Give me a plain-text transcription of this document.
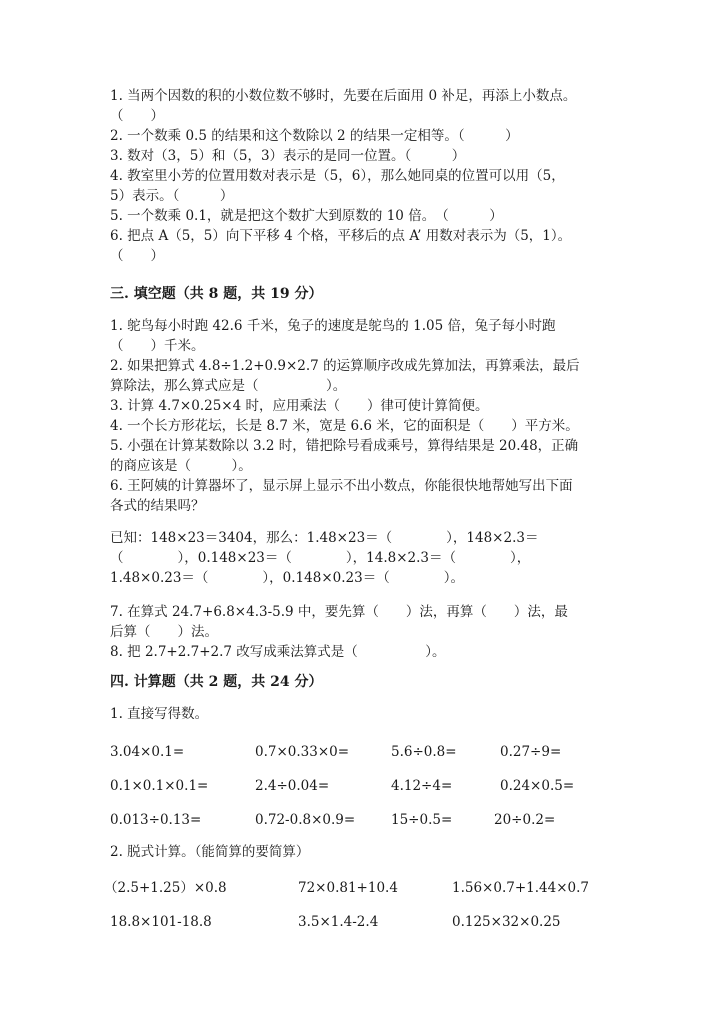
1. 当两个因数的积的小数位数不够时，先要在后面用 0 补足，再添上小数点。
（　　）
2. 一个数乘 0.5 的结果和这个数除以 2 的结果一定相等。（　　　）
3. 数对（3，5）和（5，3）表示的是同一位置。（　　　）
4. 教室里小芳的位置用数对表示是（5，6），那么她同桌的位置可以用（5，
5）表示。（　　　）
5. 一个数乘 0.1，就是把这个数扩大到原数的 10 倍。　（　　　）
6. 把点 A（5，5）向下平移 4 个格，平移后的点 A’ 用数对表示为（5，1）。
（　　）
三. 填空题（共 8 题，共 19 分）
1. 鸵鸟每小时跑 42.6 千米，兔子的速度是鸵鸟的 1.05 倍，兔子每小时跑
（　　）千米。
2. 如果把算式 4.8÷1.2+0.9×2.7 的运算顺序改成先算加法，再算乘法，最后
算除法，那么算式应是（　　　　　）。
3. 计算 4.7×0.25×4 时，应用乘法（　　）律可使计算简便。
4. 一个长方形花坛，长是 8.7 米，宽是 6.6 米，它的面积是（　　）平方米。
5. 小强在计算某数除以 3.2 时，错把除号看成乘号，算得结果是 20.48，正确
的商应该是（　　　）。
6. 王阿姨的计算器坏了，显示屏上显示不出小数点，你能很快地帮她写出下面
各式的结果吗？
已知：148×23＝3404，那么：1.48×23＝（　　　　），148×2.3＝
（　　　　），0.148×23＝（　　　　），14.8×2.3＝（　　　　），
1.48×0.23＝（　　　　），0.148×0.23＝（　　　　）。
7. 在算式 24.7+6.8×4.3-5.9 中，要先算（　　）法，再算（　　）法，最
后算（　　）法。
8. 把 2.7+2.7+2.7 改写成乘法算式是（　　　　　）。
四. 计算题（共 2 题，共 24 分）
1. 直接写得数。
3.04×0.1=	0.7×0.33×0=	5.6÷0.8=	0.27÷9=
0.1×0.1×0.1=	2.4÷0.04=	4.12÷4=	0.24×0.5=
0.013÷0.13=	0.72-0.8×0.9=	15÷0.5=	20÷0.2=
2. 脱式计算。（能简算的要简算）
（2.5+1.25）×0.8	72×0.81+10.4	1.56×0.7+1.44×0.7
18.8×101-18.8	3.5×1.4-2.4	0.125×32×0.25
